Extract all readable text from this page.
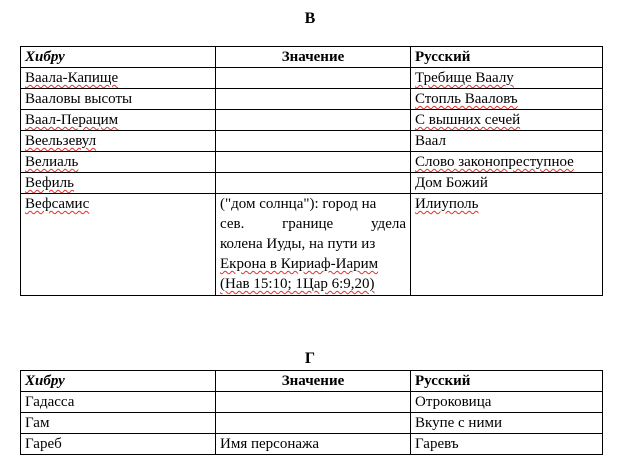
В
Хибру	Значение	Русский
Ваала-Капище		Требище Ваалу
Вааловы высоты		Стопль Вааловъ
Ваал-Перацим		С вышних сечей
Веельзевул		Ваал
Велиаль		Слово законопреступное
Вефиль		Дом Божий
Вефсамис	("дом солнца"): город на
сев. границе удела
колена Иуды, на пути из
Екрона в Кириаф-Иарим
(Нав 15:10; 1Цар 6:9,20)	Илиуполь
Г
Хибру	Значение	Русский
Гадасса		Отроковица
Гам		Вкупе с ними
Гареб	Имя персонажа	Гаревъ
